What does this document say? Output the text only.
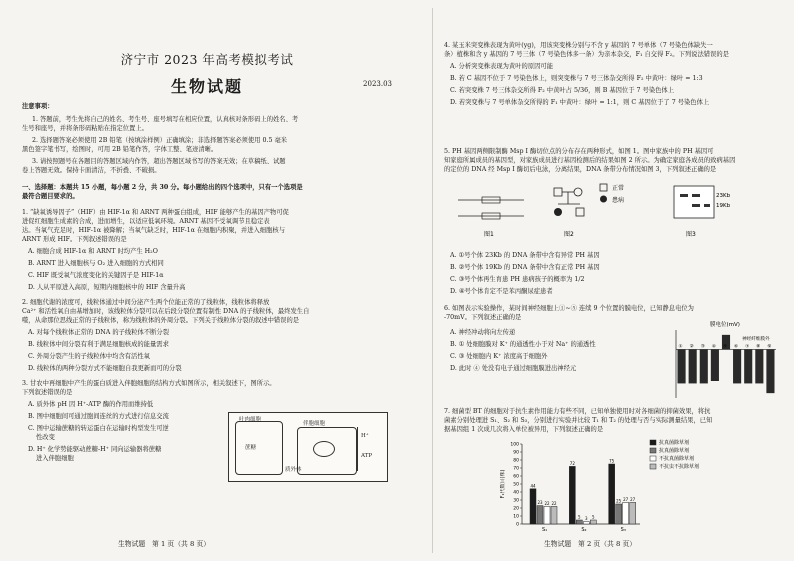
济宁市 2023 年高考模拟考试
生物试题	2023.03
注意事项：
1. 答题前，考生先将自己的姓名、考生号、座号填写在相应位置，认真核对条形码上的姓名、考
生号和座号，并将条形码粘贴在指定位置上。
2. 选择题答案必须使用 2B 铅笔（按填涂样例）正确填涂；非选择题答案必须使用 0.5 毫米
黑色签字笔书写，绘图时，可用 2B 铅笔作答，字体工整、笔迹清晰。
3. 请按照题号在各题目的答题区域内作答，超出答题区域书写的答案无效；在草稿纸、试题
卷上答题无效。保持卡面清洁，不折叠、不破损。
一、选择题：本题共 15 小题，每小题 2 分，共 30 分。每小题给出的四个选项中，只有一个选项是
最符合题目要求的。
1. “缺氧诱导因子”（HIF）由 HIF-1α 和 ARNT 两种蛋白组成，HIF 能够产生的基因产物可促
进促红细胞生成素的合成，进而增生，以适应低氧环境。ARNT 基因不受氧调节且稳定表
达。当氧气充足时，HIF-1α 被降解；当氧气缺乏时，HIF-1α 在细胞内积聚，并进入细胞核与
ARNT 形成 HIF。下列叙述错误的是
A. 细胞合成 HIF-1α 和 ARNT 时均产生 H₂O
B. ARNT 进入细胞核与 O₂ 进入细胞的方式相同
C. HIF 既受氧气浓度变化的关键因子是 HIF-1α
D. 人从平原进入高原，短期内细胞核中的 HIF 含量升高
2. 细胞代谢的浓度可，线粒体通过中间分泌产生两个位能正常的了线粒体，线粒体将释放
Ca²⁺ 和活性氧自由基增加时，该线粒体分裂可以在后段分裂位置有制性 DNA 的子线粒体，最终发生自
噬，从命那位思线正常的子线粒体，称为线粒体的外周分裂。下列关于线粒体分裂的叙述中错误的是
A. 对每个线粒体正常的 DNA 的子线粒体不断分裂
B. 线粒体中间分裂有利于满足细胞核成的能量需求
C. 外周分裂产生的子线粒体中均含有活性氧
D. 线粒体的两种分裂方式不能细胞自我更新而可的分裂
3. 甘农中再细胞中产生的蛋白质进入伴胞细胞的结构方式如图所示，相关叙述下，图所示。
下列叙述错误的是
A. 质外体 pH 因 H⁺-ATP 酶的作用而维持低
B. 图中细胞间可通过胞间连丝的方式进行信息交流
C. 图中运输蔗糖的转运蛋白在运输时构型发生可逆
性改变
D. H⁺ 化学势能驱动蔗糖-H⁺ 同向运输器将蔗糖
进入伴胞细胞
叶肉细胞
伴胞细胞
蔗糖
质外体
H⁺
ATP
生物试题　第 1 页（共 8 页）
4. 某玉米突变株表现为黄叶(yg)，用该突变株分别与不含 y 基因的 7 号单体（7 号染色体缺失一
条）植株和含 y 基因的 7 号三体（7 号染色体多一条）为亲本杂交，F₁ 自交得 F₂。下列说法错误的是
A. 分析突变株表现为黄叶的原因可能
B. 若 C 基因不位于 7 号染色体上，则突变株与 7 号三体杂交所得 F₂ 中黄叶：绿叶 = 1:3
C. 若突变株 7 号三体杂交所得 F₂ 中黄叶占 5/36，则 B 基因位于 7 号染色体上
D. 若突变株与 7 号单体杂交所得的 F₁ 中黄叶：绿叶 = 1:1，则 C 基因位于了 7 号染色体上
5. PH 基因两侧限制酶 Msp Ⅰ 酶切位点的分布存在两种形式，如图 1。图中家族中的 PH 基因可
知家庭所属成员的基因型，对家族成员进行基因检测后的结果如图 2 所示。为确定家庭各成员的致病基因
的定位的 DNA 经 Msp Ⅰ 酶切后电泳，分离结果，DNA 条带分布情况如图 3，下列叙述正确的是
正常
患病
23Kb
19Kb
图1	图2	图3
A. ①号个体 23Kb 的 DNA 条带中含有异常 PH 基因
B. ②号个体 19Kb 的 DNA 条带中含有正常 PH 基因
C. ③号个体再生育患 PH 患病孩子的概率为 1/2
D. ④号个体肯定不是苯丙酮尿症患者
6. 如图表示实验操作，某时间神经细胞上①~⑤ 连续 9 个位置的膜电位，已知静息电位为
-70mV。下列叙述正确的是
A. 神经冲动将向左传递
B. ① 处细胞膜对 K⁺ 的通透性小于对 Na⁺ 的通透性
C. ③ 处细胞内 K⁺ 浓度高于细胞外
D. 此时 ④ 处没有电子通过细胞膜进出神经元
膜电位(mV)
神经纤维膜外
① ② ③ ④ ⑤ ⑥ ⑦ ⑧ ⑨
7. 细菌型 BT 的细胞对于抗生素作用能力有些不同，已知单独使用时对各细菌的抑菌效果，将抗
菌素分别处理进 S₁、S₂ 和 S₃，分别进行实验并比较 T₁ 和 T₂ 的处理与否与实际测量结果，已知
据基因组 1 次成几次将入单位被异用，下列叙述正确的是
0
10
20
30
40
50
60
70
80
90
100
F₁代数目(株)	44
23 22 22
S₁
72
5 3 5
S₂
75
25 27 27
S₃
抗真菌除草剂
抗真菌除草剂
不抗真菌除草剂
不抗虫不抗除草剂
生物试题　第 2 页（共 8 页）
